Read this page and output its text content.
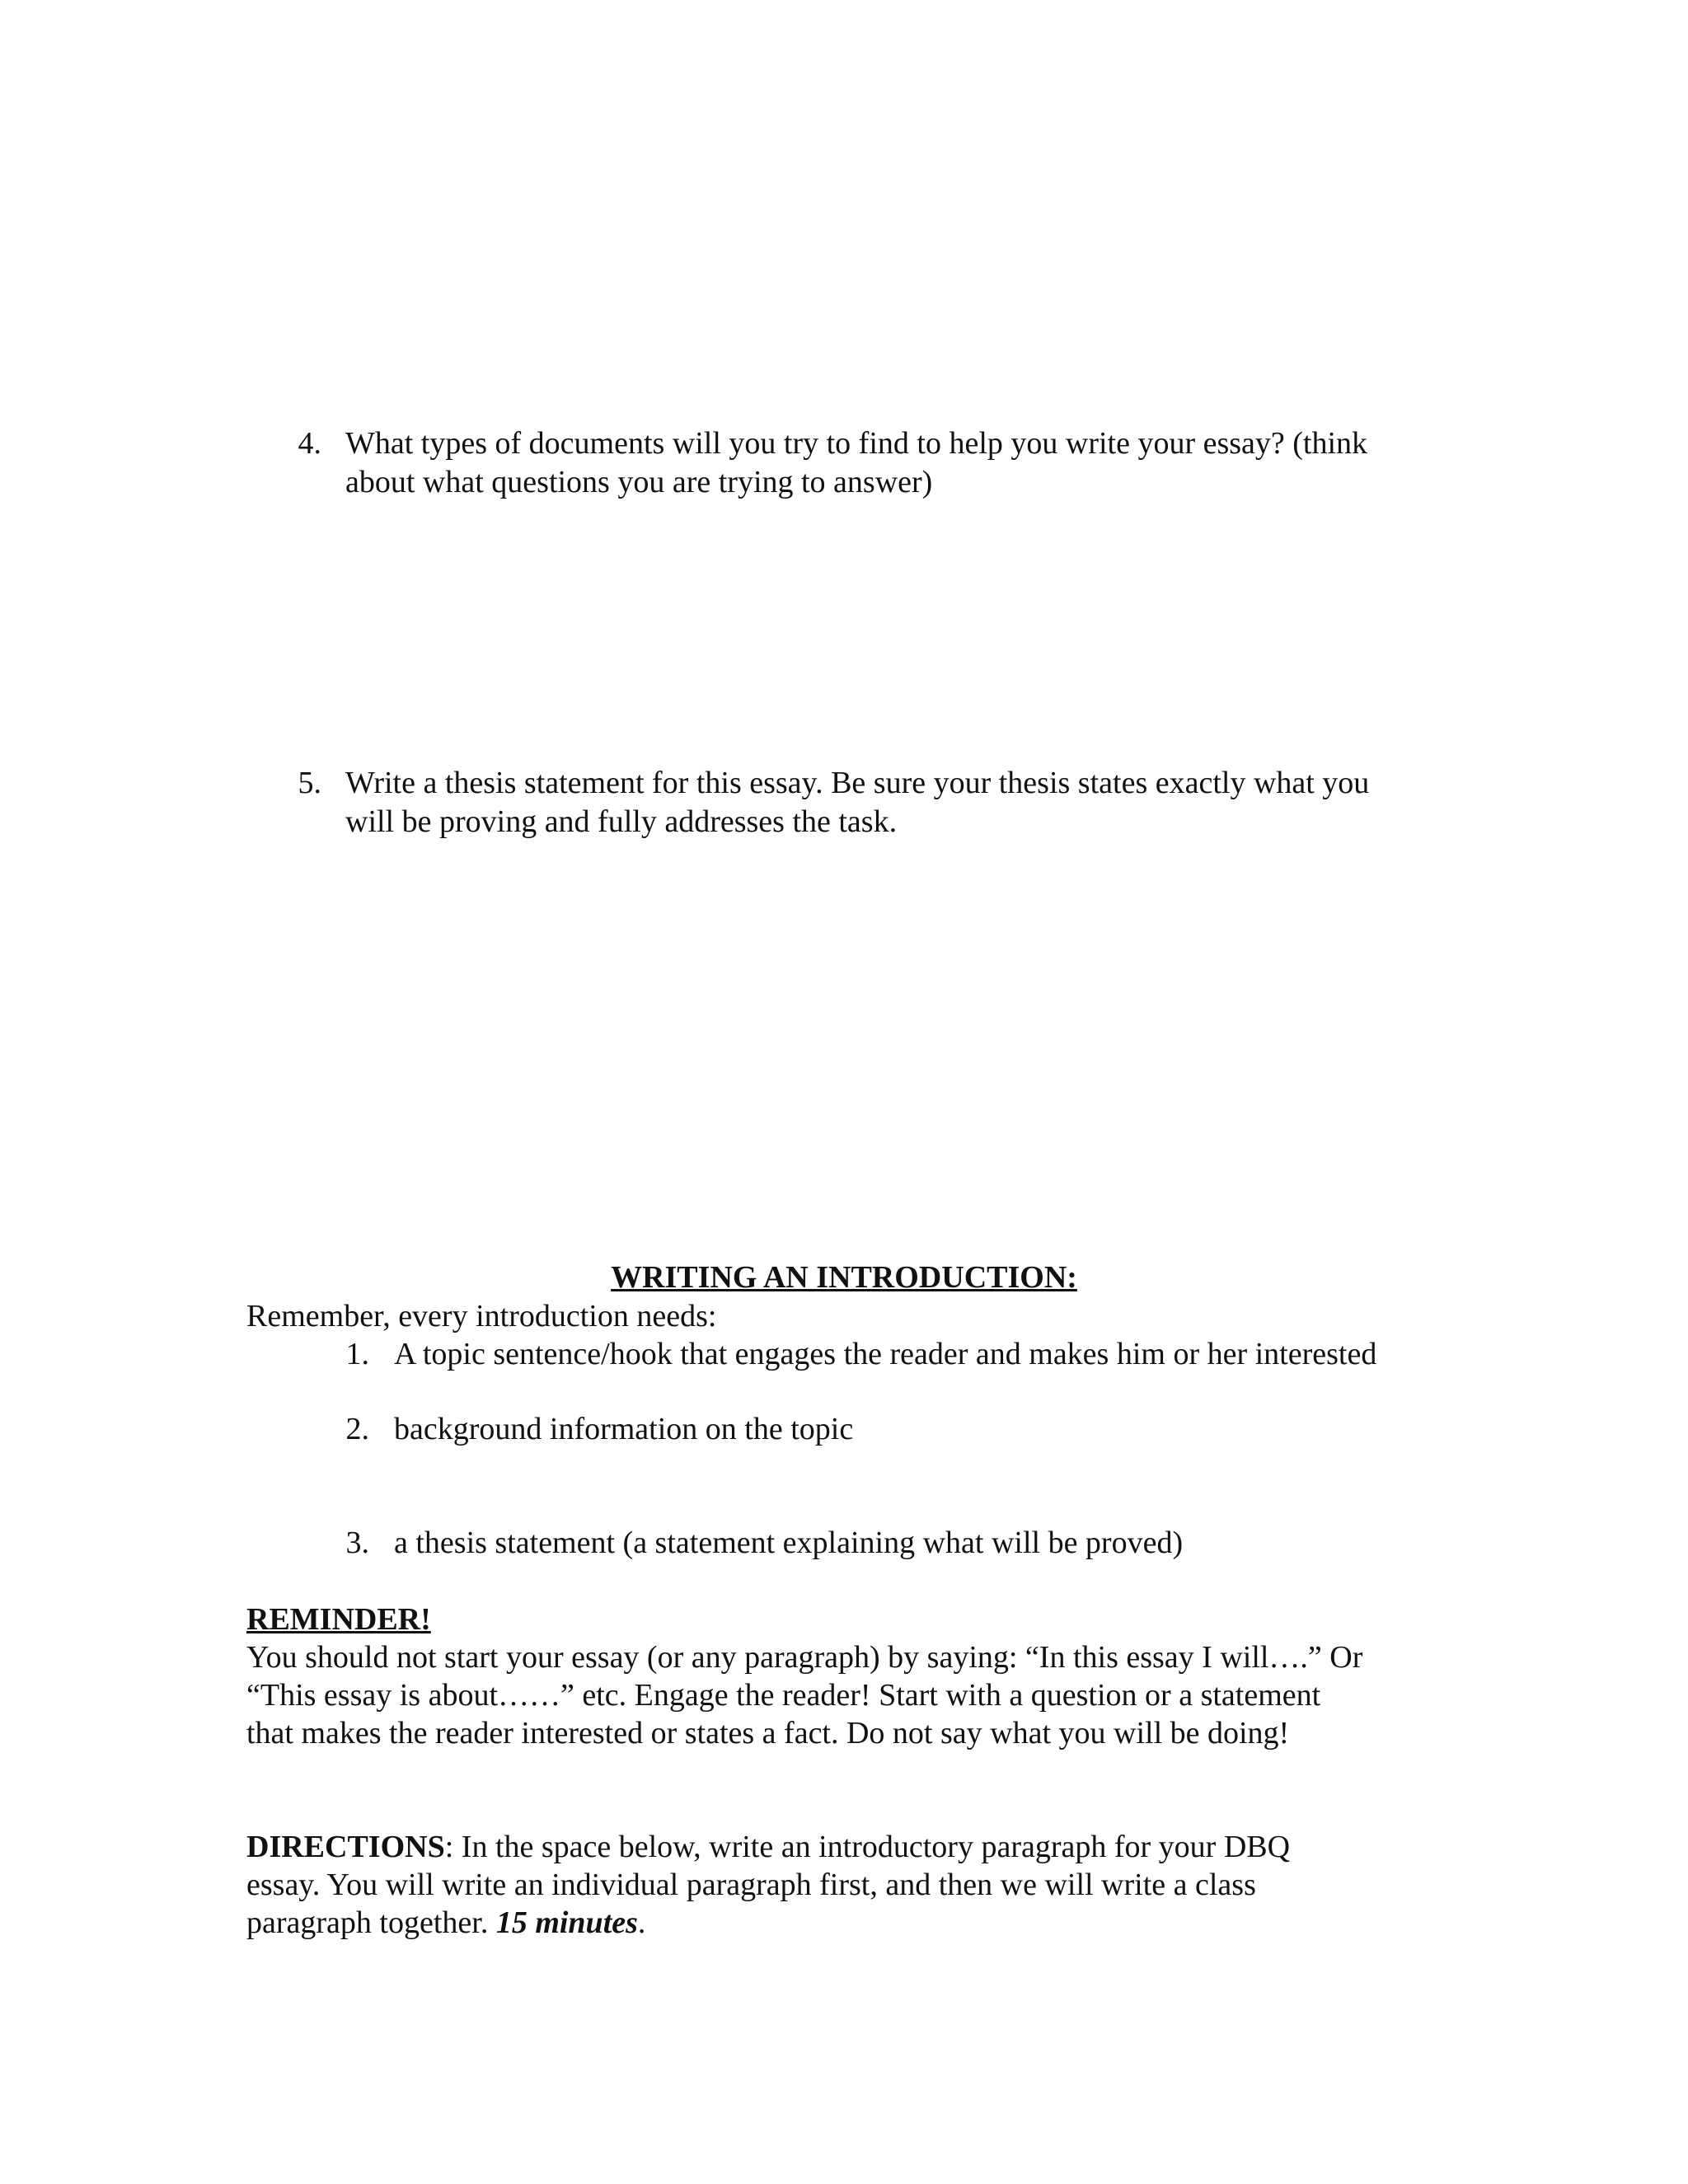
4. What types of documents will you try to find to help you write your essay? (think
about what questions you are trying to answer)
5. Write a thesis statement for this essay. Be sure your thesis states exactly what you
will be proving and fully addresses the task.
WRITING AN INTRODUCTION:
Remember, every introduction needs:
1. A topic sentence/hook that engages the reader and makes him or her interested
2. background information on the topic
3. a thesis statement (a statement explaining what will be proved)
REMINDER!
You should not start your essay (or any paragraph) by saying: “In this essay I will….” Or
“This essay is about……” etc. Engage the reader! Start with a question or a statement
that makes the reader interested or states a fact. Do not say what you will be doing!
DIRECTIONS: In the space below, write an introductory paragraph for your DBQ
essay. You will write an individual paragraph first, and then we will write a class
paragraph together. 15 minutes.
